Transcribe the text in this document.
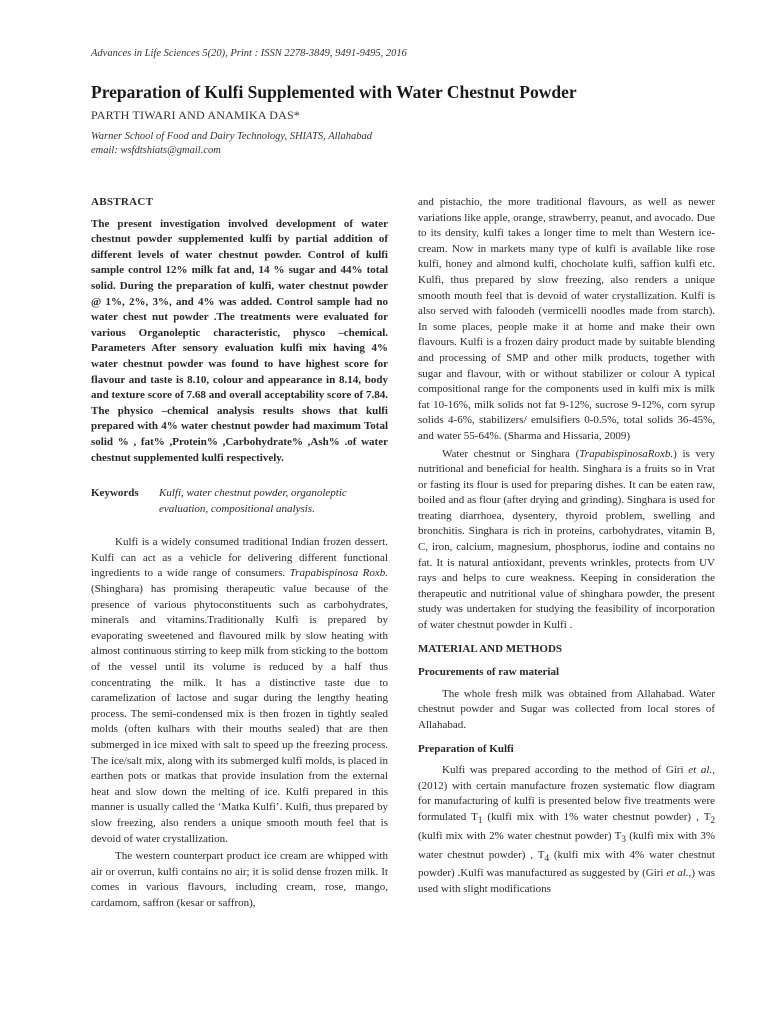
Advances in Life Sciences 5(20), Print : ISSN 2278-3849, 9491-9495, 2016
Preparation of Kulfi Supplemented with Water Chestnut Powder
PARTH TIWARI AND ANAMIKA DAS*
Warner School of Food and Dairy Technology, SHIATS, Allahabad
email: wsfdtshiats@gmail.com
ABSTRACT

The present investigation involved development of water chestnut powder supplemented kulfi by partial addition of different levels of water chestnut powder. Control of kulfi sample control 12% milk fat and, 14 % sugar and 44% total solid. During the preparation of kulfi, water chestnut powder @ 1%, 2%, 3%, and 4% was added. Control sample had no water chest nut powder .The treatments were evaluated for various Organoleptic characteristic, physco –chemical. Parameters After sensory evaluation kulfi mix having 4% water chestnut powder was found to have highest score for flavour and taste is 8.10, colour and appearance in 8.14, body and texture score of 7.68 and overall acceptability score of 7.84. The physico –chemical analysis results shows that kulfi prepared with 4% water chestnut powder had maximum Total solid % , fat% ,Protein% ,Carbohydrate% ,Ash% .of water chestnut supplemented kulfi respectively.

Keywords	Kulfi, water chestnut powder, organoleptic evaluation, compositional analysis.

Kulfi is a widely consumed traditional Indian frozen dessert. Kulfi can act as a vehicle for delivering different functional ingredients to a wide range of consumers. Trapabispinosa Roxb. (Shinghara) has promising therapeutic value because of the presence of various phytoconstituents such as carbohydrates, minerals and vitamins.Traditionally Kulfi is prepared by evaporating sweetened and flavoured milk by slow heating with almost continuous stirring to keep milk from sticking to the bottom of the vessel until its volume is reduced by a half thus concentrating the milk. It has a distinctive taste due to caramelization of lactose and sugar during the lengthy heating process. The semi-condensed mix is then frozen in tightly sealed molds (often kulhars with their mouths sealed) that are then submerged in ice mixed with salt to speed up the freezing process. The ice/salt mix, along with its submerged kulfi molds, is placed in earthen pots or matkas that provide insulation from the external heat and slow down the melting of ice. Kulfi prepared in this manner is usually called the ‘Matka Kulfi’. Kulfi, thus prepared by slow freezing, also renders a unique smooth mouth feel that is devoid of water crystallization.

The western counterpart product ice cream are whipped with air or overrun, kulfi contains no air; it is solid dense frozen milk. It comes in various flavours, including cream, rose, mango, cardamom, saffron (kesar or saffron),

and pistachio, the more traditional flavours, as well as newer variations like apple, orange, strawberry, peanut, and avocado. Due to its density, kulfi takes a longer time to melt than Western ice-cream. Now in markets many type of kulfi is available like rose kulfi, honey and almond kulfi, chocholate kulfi, saffion kulfi etc. Kulfi, thus prepared by slow freezing, also renders a unique smooth mouth feel that is devoid of water crystallization. Kulfi is also served with faloodeh (vermicelli noodles made from starch). In some places, people make it at home and make their own flavours. Kulfi is a frozen dairy product made by suitable blending and processing of SMP and other milk products, together with sugar and flavour, with or without stabilizer or colour A typical compositional range for the components used in kulfi mix is milk fat 10-16%, milk solids not fat 9-12%, sucrose 9-12%, corn syrup solids 4-6%, stabilizers/ emulsifiers 0-0.5%, total solids 36-45%, and water 55-64%. (Sharma and Hissaria, 2009)

Water chestnut or Singhara (TrapabispinosaRoxb.) is very nutritional and beneficial for health. Singhara is a fruits so in Vrat or fasting its flour is used for preparing dishes. It can be eaten raw, boiled and as flour (after drying and grinding). Singhara is used for treating diarrhoea, dysentery, thyroid problem, swelling and bronchitis. Singhara is rich in proteins, carbohydrates, vitamin B, C, iron, calcium, magnesium, phosphorus, iodine and contains no fat. It is natural antioxidant, prevents wrinkles, protects from UV rays and helps to cure weakness. Keeping in consideration the therapeutic and nutritional value of shinghara powder, the present study was undertaken for studying the feasibility of incorporation of water chestnut powder in Kulfi .

MATERIAL AND METHODS
Procurements of raw material

The whole fresh milk was obtained from Allahabad. Water chestnut powder and Sugar was collected from local stores of Allahabad.

Preparation of Kulfi

Kulfi was prepared according to the method of Giri et al., (2012) with certain manufacture frozen systematic flow diagram for manufacturing of kulfi is presented below five treatments were formulated $T_1$ (kulfi mix with 1% water chestnut powder) , $T_2$ (kulfi mix with 2% water chestnut powder) $T_3$ (kulfi mix with 3% water chestnut powder) , $T_4$ (kulfi mix with 4% water chestnut powder) .Kulfi was manufactured as suggested by (Giri et al.,) was used with slight modifications
